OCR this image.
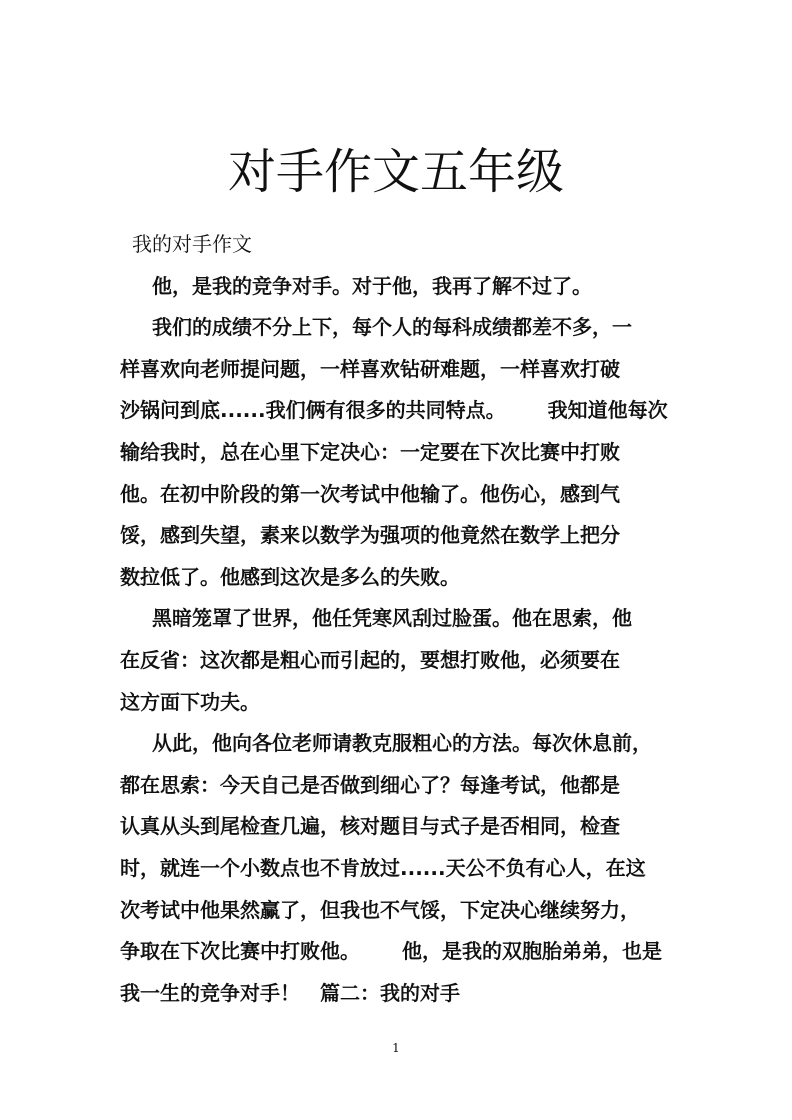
对手作文五年级
我的对手作文
他，是我的竞争对手。对于他，我再了解不过了。
我们的成绩不分上下，每个人的每科成绩都差不多，一
样喜欢向老师提问题，一样喜欢钻研难题，一样喜欢打破
沙锅问到底......我们俩有很多的共同特点。 我知道他每次
输给我时，总在心里下定决心：一定要在下次比赛中打败
他。在初中阶段的第一次考试中他输了。他伤心，感到气
馁，感到失望，素来以数学为强项的他竟然在数学上把分
数拉低了。他感到这次是多么的失败。
黑暗笼罩了世界，他任凭寒风刮过脸蛋。他在思索，他
在反省：这次都是粗心而引起的，要想打败他，必须要在
这方面下功夫。
从此，他向各位老师请教克服粗心的方法。每次休息前，
都在思索：今天自己是否做到细心了？每逢考试，他都是
认真从头到尾检查几遍，核对题目与式子是否相同，检查
时，就连一个小数点也不肯放过......天公不负有心人，在这
次考试中他果然赢了，但我也不气馁，下定决心继续努力，
争取在下次比赛中打败他。 他，是我的双胞胎弟弟，也是
我一生的竞争对手！ 篇二：我的对手
1
